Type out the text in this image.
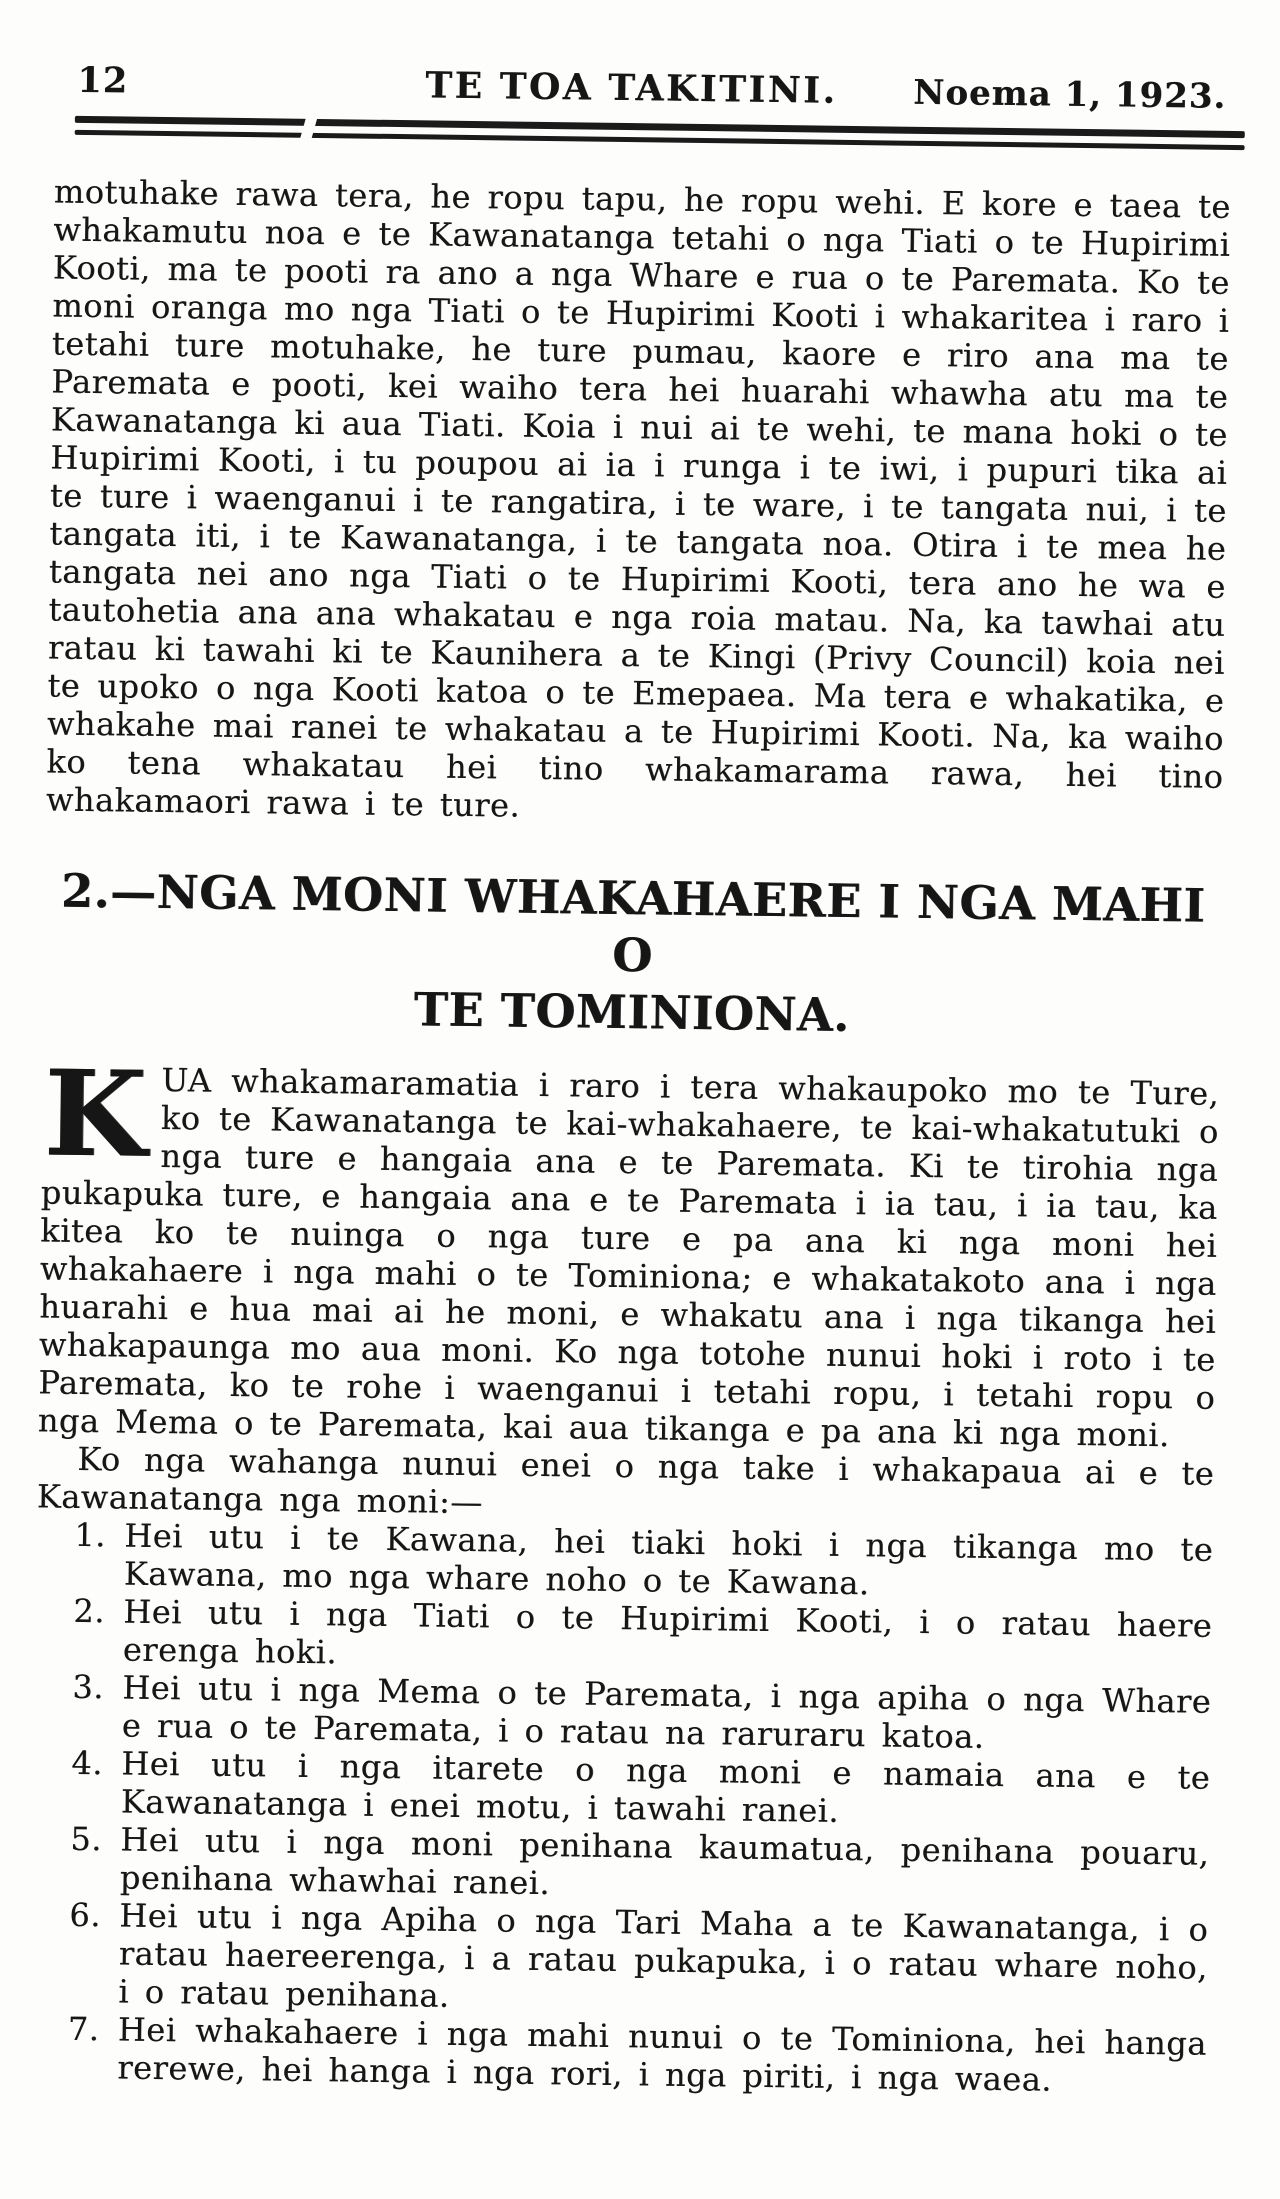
12	TE TOA TAKITINI. Noema 1, 1923.

motuhake rawa tera, he ropu tapu, he ropu wehi. E kore e taea te whakamutu noa e te Kawanatanga tetahi o nga Tiati o te Hupirimi Kooti, ma te pooti ra ano a nga Whare e rua o te Paremata. Ko te moni oranga mo nga Tiati o te Hupirimi Kooti i whakaritea i raro i tetahi ture motuhake, he ture pumau, kaore e riro ana ma te Paremata e pooti, kei waiho tera hei huarahi whawha atu ma te Kawanatanga ki aua Tiati. Koia i nui ai te wehi, te mana hoki o te Hupirimi Kooti, i tu poupou ai ia i runga i te iwi, i pupuri tika ai te ture i waenganui i te rangatira, i te ware, i te tangata nui, i te tangata iti, i te Kawanatanga, i te tangata noa. Otira i te mea he tangata nei ano nga Tiati o te Hupirimi Kooti, tera ano he wa e tautohetia ana ana whakatau e nga roia matau. Na, ka tawhai atu ratau ki tawahi ki te Kaunihera a te Kingi (Privy Council) koia nei te upoko o nga Kooti katoa o te Emepaea. Ma tera e whakatika, e whakahe mai ranei te whakatau a te Hupirimi Kooti. Na, ka waiho ko tena whakatau hei tino whakamarama rawa, hei tino whakamaori rawa i te ture.

2.—NGA MONI WHAKAHAERE I NGA MAHI O
TE TOMINIONA.

KUA whakamaramatia i raro i tera whakaupoko mo te Ture, ko te Kawanatanga te kai-whakahaere, te kai-whakatutuki o nga ture e hangaia ana e te Paremata. Ki te tirohia nga pukapuka ture, e hangaia ana e te Paremata i ia tau, i ia tau, ka kitea ko te nuinga o nga ture e pa ana ki nga moni hei whakahaere i nga mahi o te Tominiona; e whakatakoto ana i nga huarahi e hua mai ai he moni, e whakatu ana i nga tikanga hei whakapaunga mo aua moni. Ko nga totohe nunui hoki i roto i te Paremata, ko te rohe i waenganui i tetahi ropu, i tetahi ropu o nga Mema o te Paremata, kai aua tikanga e pa ana ki nga moni.

Ko nga wahanga nunui enei o nga take i whakapaua ai e te Kawanatanga nga moni:—

1. Hei utu i te Kawana, hei tiaki hoki i nga tikanga mo te Kawana, mo nga whare noho o te Kawana.
2. Hei utu i nga Tiati o te Hupirimi Kooti, i o ratau haere erenga hoki.
3. Hei utu i nga Mema o te Paremata, i nga apiha o nga Whare e rua o te Paremata, i o ratau na raruraru katoa.
4. Hei utu i nga itarete o nga moni e namaia ana e te Kawanatanga i enei motu, i tawahi ranei.
5. Hei utu i nga moni penihana kaumatua, penihana pouaru, penihana whawhai ranei.
6. Hei utu i nga Apiha o nga Tari Maha a te Kawanatanga, i o ratau haereerenga, i a ratau pukapuka, i o ratau whare noho, i o ratau penihana.
7. Hei whakahaere i nga mahi nunui o te Tominiona, hei hanga rerewe, hei hanga i nga rori, i nga piriti, i nga waea.
